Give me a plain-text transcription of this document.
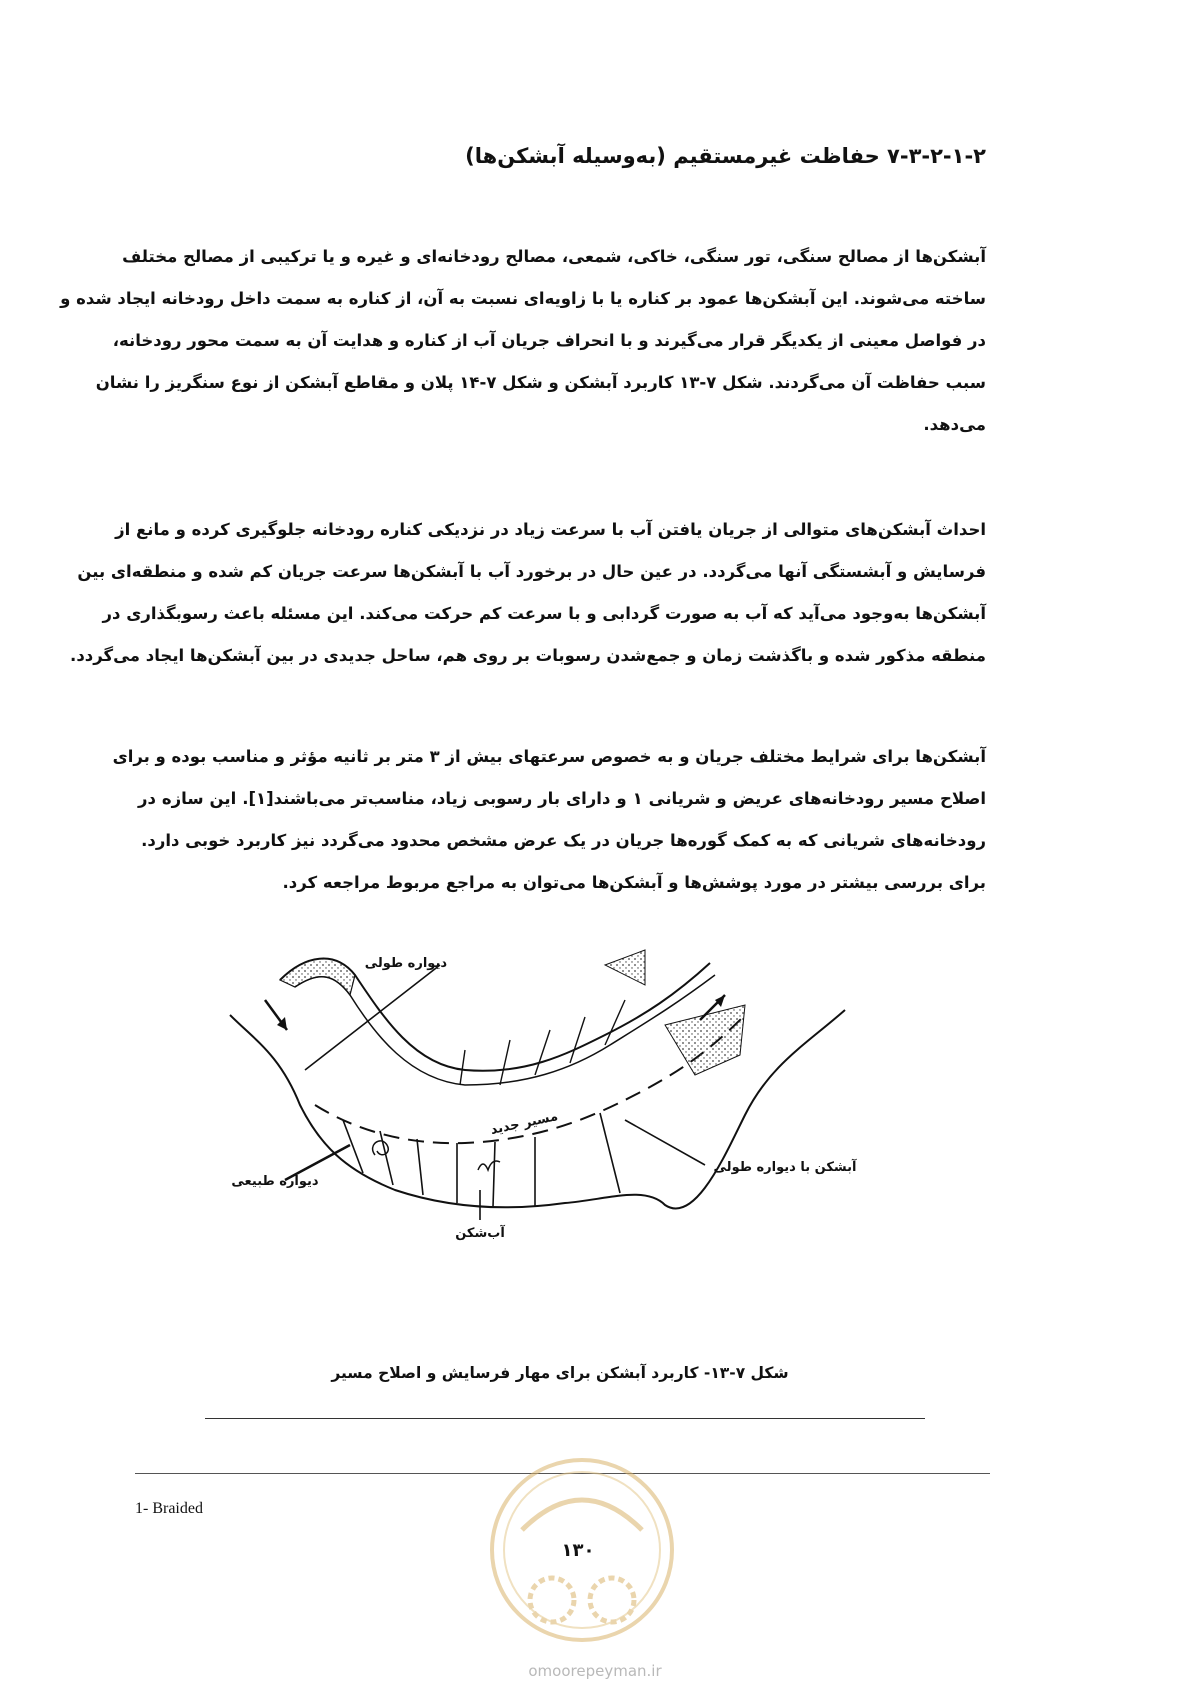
۷-۳-۲-۱-۲ حفاظت غیرمستقیم (به‌وسیله آبشکن‌ها)
آبشکن‌ها از مصالح سنگی، تور سنگی، خاکی، شمعی، مصالح رودخانه‌ای و غیره و یا ترکیبی از مصالح مختلف
ساخته می‌شوند. این آبشکن‌ها عمود بر کناره یا با زاویه‌ای نسبت به آن، از کناره به سمت داخل رودخانه ایجاد شده و
در فواصل معینی از یکدیگر قرار می‌گیرند و با انحراف جریان آب از کناره و هدایت آن به سمت محور رودخانه،
سبب حفاظت آن می‌گردند. شکل ۷-۱۳ کاربرد آبشکن و شکل ۷-۱۴ پلان و مقاطع آبشکن از نوع سنگریز را نشان
می‌دهد.
احداث آبشکن‌های متوالی از جریان یافتن آب با سرعت زیاد در نزدیکی کناره رودخانه جلوگیری کرده و مانع از
فرسایش و آبشستگی آنها می‌گردد. در عین حال در برخورد آب با آبشکن‌ها سرعت جریان کم شده و منطقه‌ای بین
آبشکن‌ها به‌وجود می‌آید که آب به صورت گردابی و با سرعت کم حرکت می‌کند. این مسئله باعث رسوبگذاری در
منطقه مذکور شده و باگذشت زمان و جمع‌شدن رسوبات بر روی هم، ساحل جدیدی در بین آبشکن‌ها ایجاد می‌گردد.
آبشکن‌ها برای شرایط مختلف جریان و به خصوص سرعتهای بیش از ۳ متر بر ثانیه مؤثر و مناسب بوده و برای
اصلاح مسیر رودخانه‌های عریض و شریانی ۱ و دارای بار رسوبی زیاد، مناسب‌تر می‌باشند[۱]. این سازه در
رودخانه‌های شریانی که به کمک گوره‌ها جریان در یک عرض مشخص محدود می‌گردد نیز کاربرد خوبی دارد.
برای بررسی بیشتر در مورد پوشش‌ها و آبشکن‌ها می‌توان به مراجع مربوط مراجعه کرد.
دیواره طولی
مسیر جدید
آبشکن با دیواره طولی
دیواره طبیعی
آب‌شکن
شکل ۷-۱۳- کاربرد آبشکن برای مهار فرسایش و اصلاح مسیر
1- Braided
۱۳۰
omoorepeyman.ir
